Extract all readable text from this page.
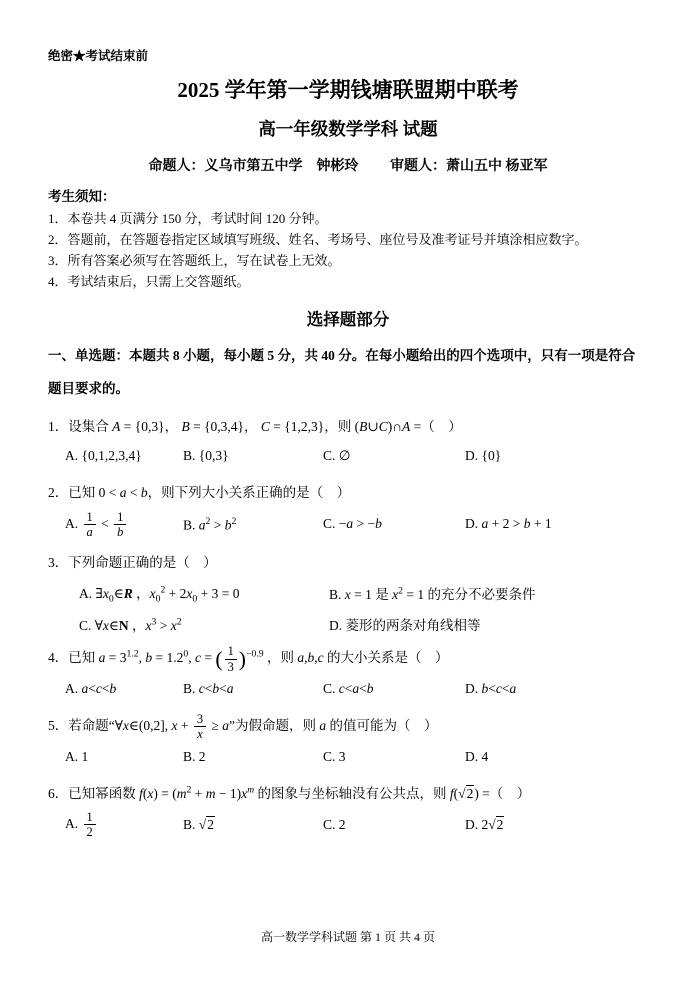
绝密★考试结束前
2025 学年第一学期钱塘联盟期中联考
高一年级数学学科 试题
命题人：义乌市第五中学　钟彬玲 审题人：萧山五中 杨亚军
考生须知：
1．本卷共 4 页满分 150 分，考试时间 120 分钟。
2．答题前，在答题卷指定区域填写班级、姓名、考场号、座位号及准考证号并填涂相应数字。
3．所有答案必须写在答题纸上，写在试卷上无效。
4．考试结束后，只需上交答题纸。
选择题部分
一、单选题：本题共 8 小题，每小题 5 分，共 40 分。在每小题给出的四个选项中，只有一项是符合题目要求的。
1．设集合 A = {0,3}， B = {0,3,4}， C = {1,2,3}，则 (B∪C)∩A =（　）
A. {0,1,2,3,4}	B. {0,3}	C. ∅	D. {0}
2．已知 0 < a < b，则下列大小关系正确的是（　）
A. $\frac{1}{a} < \frac{1}{b}$	B. $a^2 > b^2$	C. −a > −b	D. a + 2 > b + 1
3．下列命题正确的是（　）
A. $\exists x_0\in R$ ，$x_0^2 + 2x_0 + 3 = 0$	B. x = 1 是 $x^2 = 1$ 的充分不必要条件
C. ∀x∈N ，$x^3 > x^2$	D. 菱形的两条对角线相等
4．已知 $a = 3^{1.2}$, $b = 1.2^0$, c = ( $\frac{1}{3} )^{-0.9}$ ，则 a,b,c 的大小关系是（　）
A. a<c<b	B. c<b<a	C. c<a<b	D. b<c<a
5．若命题“∀x∈(0,2], $x + \frac{3}{x} \ge a$”为假命题，则 a 的值可能为（　）
A. 1	B. 2	C. 3	D. 4
6．已知幂函数 $f(x) = (m^2 + m - 1)x^m$ 的图象与坐标轴没有公共点，则 f( √ 2) =（　）
A. $\frac{1}{2}$	B. √ 2	C. 2	D. 2 √ 2
高一数学学科试题 第 1 页 共 4 页
